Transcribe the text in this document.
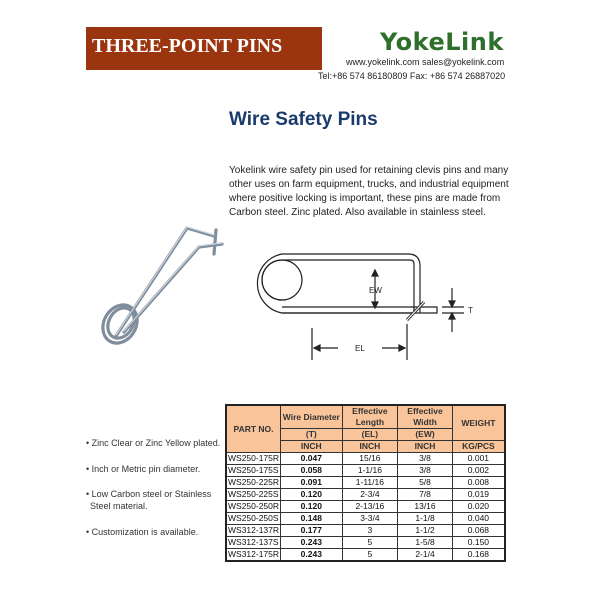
THREE-POINT PINS	YokeLink
www.yokelink.com sales@yokelink.com
Tel:+86 574 86180809 Fax: +86 574 26887020
Wire Safety Pins
Yokelink wire safety pin used for retaining clevis pins and many other uses on farm equipment, trucks, and industrial equipment where positive locking is important, these pins are made from Carbon steel. Zinc plated. Also available in stainless steel.
EW
EL
T
• Zinc Clear or Zinc Yellow plated.
• Inch or Metric pin diameter.
• Low Carbon steel or Stainless
Steel material.
• Customization is available.
PART NO.	Wire Diameter	Effective Length	Effective Width	WEIGHT
	(T)	(EL)	(EW)	
	INCH	INCH	INCH	KG/PCS
WS250-175R	0.047	15/16	3/8	0.001
WS250-175S	0.058	1-1/16	3/8	0.002
WS250-225R	0.091	1-11/16	5/8	0.008
WS250-225S	0.120	2-3/4	7/8	0.019
WS250-250R	0.120	2-13/16	13/16	0.020
WS250-250S	0.148	3-3/4	1-1/8	0.040
WS312-137R	0.177	3	1-1/2	0.068
WS312-137S	0.243	5	1-5/8	0.150
WS312-175R	0.243	5	2-1/4	0.168
